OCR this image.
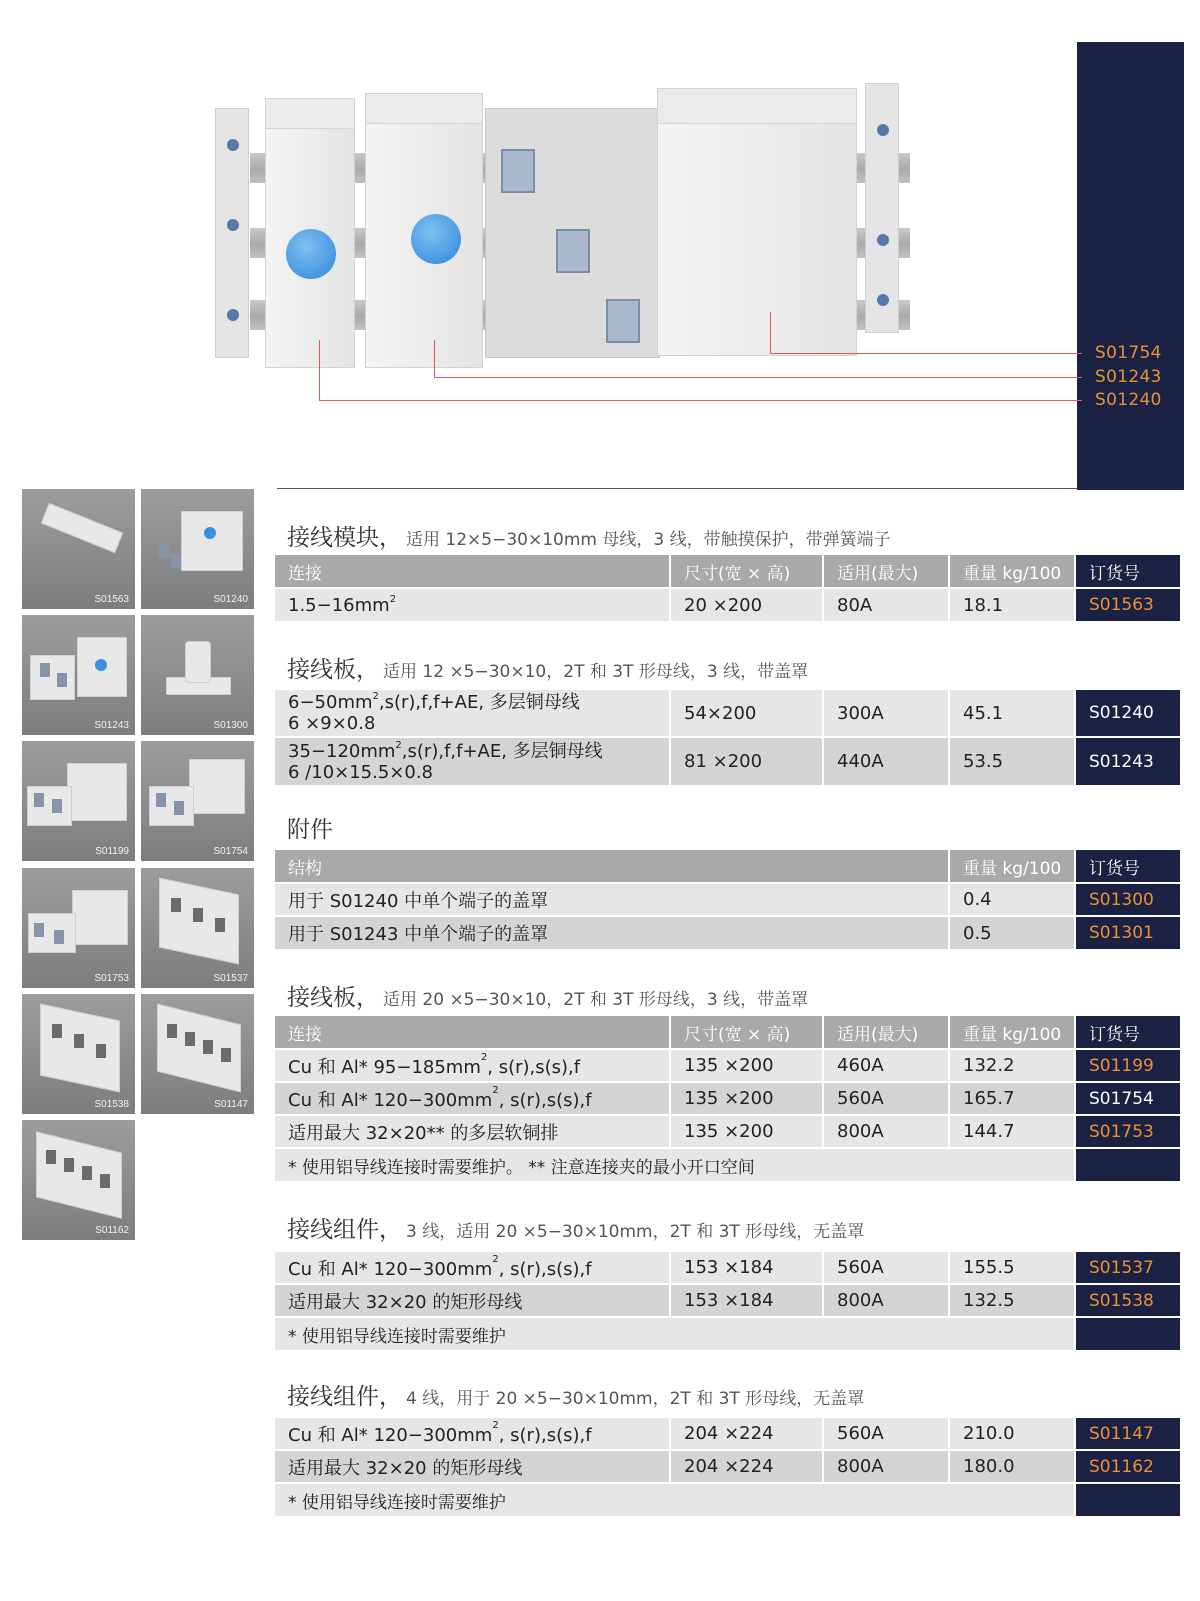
S01754
S01243
S01240
S01563	S01240
S01243	S01300
S01199	S01754
S01753	S01537
S01538	S01147
S01162
接线模块， 适用 12×5−30×10mm 母线，3 线，带触摸保护，带弹簧端子
连接	尺寸(宽 × 高)	适用(最大)	重量 kg/100	订货号
$1.5-16mm^2$	20 ×200	80A	18.1	S01563
接线板， 适用 12 ×5−30×10，2T 和 3T 形母线，3 线，带盖罩
$6-50mm^2,s(r),f,f+AE$, 多层铜母线
6 ×9×0.8	54×200	300A	45.1	S01240
$35-120mm^2,s(r),f,f+AE$, 多层铜母线
6 /10×15.5×0.8	81 ×200	440A	53.5	S01243
附件
结构	重量 kg/100	订货号
用于 S01240 中单个端子的盖罩	0.4	S01300
用于 S01243 中单个端子的盖罩	0.5	S01301
接线板， 适用 20 ×5−30×10，2T 和 3T 形母线，3 线，带盖罩
连接	尺寸(宽 × 高)	适用(最大)	重量 kg/100	订货号
Cu 和 Al* $95-185mm^2$, s(r),s(s),f	135 ×200	460A	132.2	S01199
Cu 和 Al* $120-300mm^2$, s(r),s(s),f	135 ×200	560A	165.7	S01754
适用最大 32×20** 的多层软铜排	135 ×200	800A	144.7	S01753
* 使用铝导线连接时需要维护。 ** 注意连接夹的最小开口空间				
接线组件， 3 线，适用 20 ×5−30×10mm，2T 和 3T 形母线，无盖罩
Cu 和 Al* $120-300mm^2$, s(r),s(s),f	153 ×184	560A	155.5	S01537
适用最大 32×20 的矩形母线	153 ×184	800A	132.5	S01538
* 使用铝导线连接时需要维护				
接线组件， 4 线，用于 20 ×5−30×10mm，2T 和 3T 形母线，无盖罩
Cu 和 Al* $120-300mm^2$, s(r),s(s),f	204 ×224	560A	210.0	S01147
适用最大 32×20 的矩形母线	204 ×224	800A	180.0	S01162
* 使用铝导线连接时需要维护				
